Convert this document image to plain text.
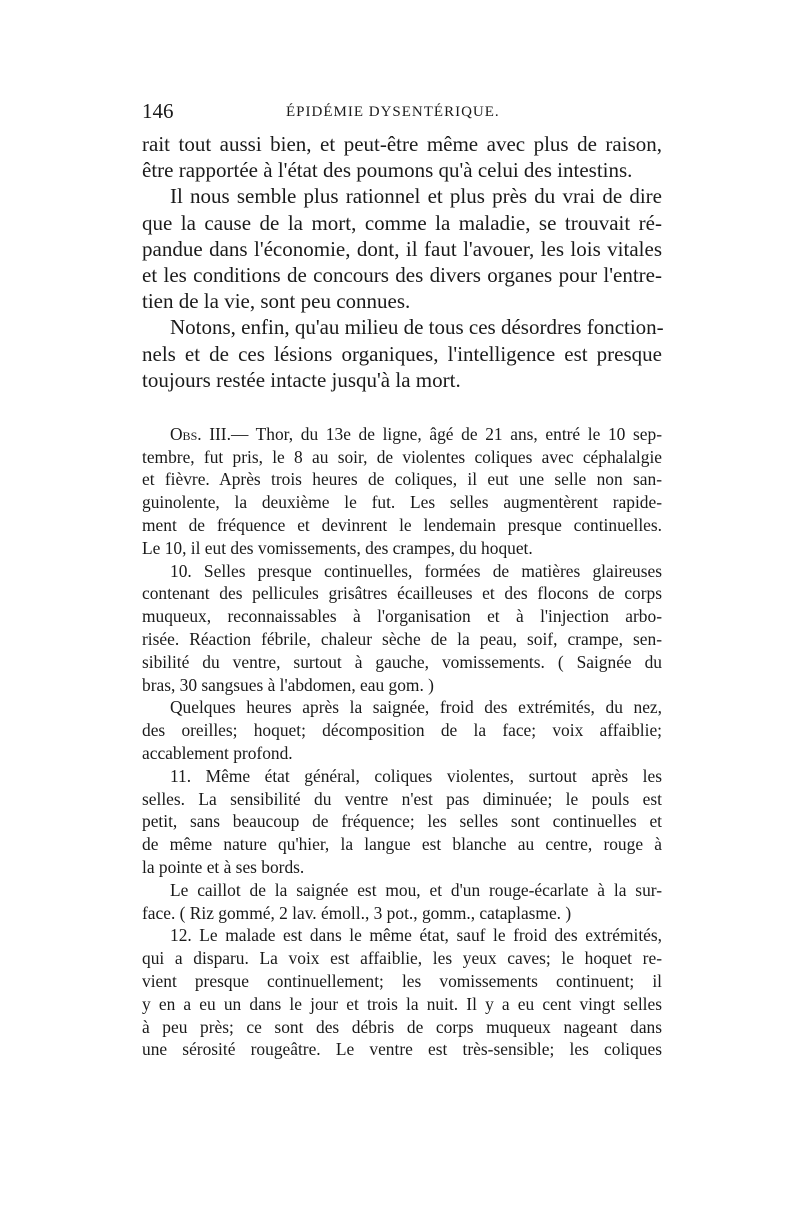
146	ÉPIDÉMIE DYSENTÉRIQUE.

rait tout aussi bien, et peut-être même avec plus de raison,
être rapportée à l'état des poumons qu'à celui des intestins.

Il nous semble plus rationnel et plus près du vrai de dire
que la cause de la mort, comme la maladie, se trouvait ré-
pandue dans l'économie, dont, il faut l'avouer, les lois vitales
et les conditions de concours des divers organes pour l'entre-
tien de la vie, sont peu connues.

Notons, enfin, qu'au milieu de tous ces désordres fonction-
nels et de ces lésions organiques, l'intelligence est presque
toujours restée intacte jusqu'à la mort.

Obs. III.— Thor, du 13e de ligne, âgé de 21 ans, entré le 10 sep-
tembre, fut pris, le 8 au soir, de violentes coliques avec céphalalgie
et fièvre. Après trois heures de coliques, il eut une selle non san-
guinolente, la deuxième le fut. Les selles augmentèrent rapide-
ment de fréquence et devinrent le lendemain presque continuelles.
Le 10, il eut des vomissements, des crampes, du hoquet.

10. Selles presque continuelles, formées de matières glaireuses
contenant des pellicules grisâtres écailleuses et des flocons de corps
muqueux, reconnaissables à l'organisation et à l'injection arbo-
risée. Réaction fébrile, chaleur sèche de la peau, soif, crampe, sen-
sibilité du ventre, surtout à gauche, vomissements. ( Saignée du
bras, 30 sangsues à l'abdomen, eau gom. )

Quelques heures après la saignée, froid des extrémités, du nez,
des oreilles; hoquet; décomposition de la face; voix affaiblie;
accablement profond.

11. Même état général, coliques violentes, surtout après les
selles. La sensibilité du ventre n'est pas diminuée; le pouls est
petit, sans beaucoup de fréquence; les selles sont continuelles et
de même nature qu'hier, la langue est blanche au centre, rouge à
la pointe et à ses bords.

Le caillot de la saignée est mou, et d'un rouge-écarlate à la sur-
face. ( Riz gommé, 2 lav. émoll., 3 pot., gomm., cataplasme. )

12. Le malade est dans le même état, sauf le froid des extrémités,
qui a disparu. La voix est affaiblie, les yeux caves; le hoquet re-
vient presque continuellement; les vomissements continuent; il
y en a eu un dans le jour et trois la nuit. Il y a eu cent vingt selles
à peu près; ce sont des débris de corps muqueux nageant dans
une sérosité rougeâtre. Le ventre est très-sensible; les coliques
